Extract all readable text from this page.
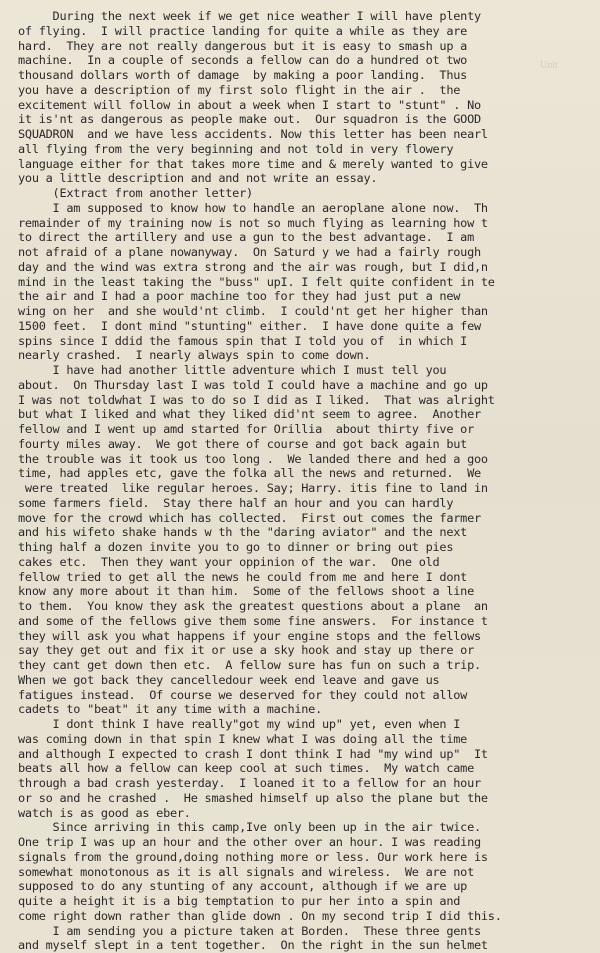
Unit
During the next week if we get nice weather I will have plenty
of flying.  I will practice landing for quite a while as they are
hard.  They are not really dangerous but it is easy to smash up a
machine.  In a couple of seconds a fellow can do a hundred ot two
thousand dollars worth of damage  by making a poor landing.  Thus
you have a description of my first solo flight in the air .  the
excitement will follow in about a week when I start to "stunt" . No
it is'nt as dangerous as people make out.  Our squadron is the GOOD
SQUADRON  and we have less accidents. Now this letter has been nearl
all flying from the very beginning and not told in very flowery
language either for that takes more time and & merely wanted to give
you a little description and and not write an essay.
(Extract from another letter)
I am supposed to know how to handle an aeroplane alone now.  Th
remainder of my training now is not so much flying as learning how t
to direct the artillery and use a gun to the best advantage.  I am
not afraid of a plane nowanyway.  On Saturd y we had a fairly rough
day and the wind was extra strong and the air was rough, but I did,n
mind in the least taking the "buss" upI. I felt quite confident in te
the air and I had a poor machine too for they had just put a new
wing on her  and she would'nt climb.  I could'nt get her higher than
1500 feet.  I dont mind "stunting" either.  I have done quite a few
spins since I ddid the famous spin that I told you of  in which I
nearly crashed.  I nearly always spin to come down.
I have had another little adventure which I must tell you
about.  On Thursday last I was told I could have a machine and go up
I was not toldwhat I was to do so I did as I liked.  That was alright
but what I liked and what they liked did'nt seem to agree.  Another
fellow and I went up amd started for Orillia  about thirty five or
fourty miles away.  We got there of course and got back again but
the trouble was it took us too long .  We landed there and hed a goo
time, had apples etc, gave the folka all the news and returned.  We
were treated  like regular heroes. Say; Harry. itis fine to land in
some farmers field.  Stay there half an hour and you can hardly
move for the crowd which has collected.  First out comes the farmer
and his wifeto shake hands w th the "daring aviator" and the next
thing half a dozen invite you to go to dinner or bring out pies
cakes etc.  Then they want your oppinion of the war.  One old
fellow tried to get all the news he could from me and here I dont
know any more about it than him.  Some of the fellows shoot a line
to them.  You know they ask the greatest questions about a plane  an
and some of the fellows give them some fine answers.  For instance t
they will ask you what happens if your engine stops and the fellows
say they get out and fix it or use a sky hook and stay up there or
they cant get down then etc.  A fellow sure has fun on such a trip.
When we got back they cancelledour week end leave and gave us
fatigues instead.  Of course we deserved for they could not allow
cadets to "beat" it any time with a machine.
I dont think I have really"got my wind up" yet, even when I
was coming down in that spin I knew what I was doing all the time
and although I expected to crash I dont think I had "my wind up"  It
beats all how a fellow can keep cool at such times.  My watch came
through a bad crash yesterday.  I loaned it to a fellow for an hour
or so and he crashed .  He smashed himself up also the plane but the
watch is as good as eber.
Since arriving in this camp,Ive only been up in the air twice.
One trip I was up an hour and the other over an hour. I was reading
signals from the ground,doing nothing more or less. Our work here is
somewhat monotonous as it is all signals and wireless.  We are not
supposed to do any stunting of any account, although if we are up
quite a height it is a big temptation to pur her into a spin and
come right down rather than glide down . On my second trip I did this.
I am sending you a picture taken at Borden.  These three gents
and myself slept in a tent together.  On the right in the sun helmet
